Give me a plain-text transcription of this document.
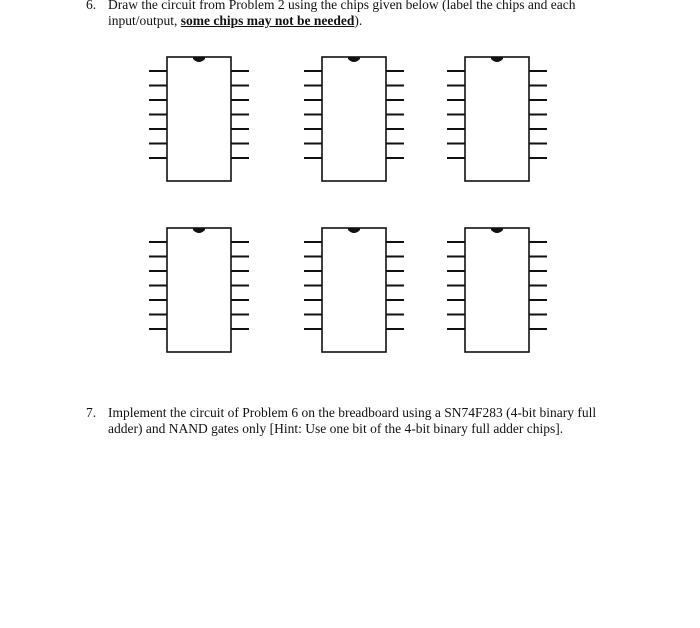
6. Draw the circuit from Problem 2 using the chips given below (label the chips and each
input/output, some chips may not be needed).
7. Implement the circuit of Problem 6 on the breadboard using a SN74F283 (4-bit binary full
adder) and NAND gates only [Hint: Use one bit of the 4-bit binary full adder chips].
